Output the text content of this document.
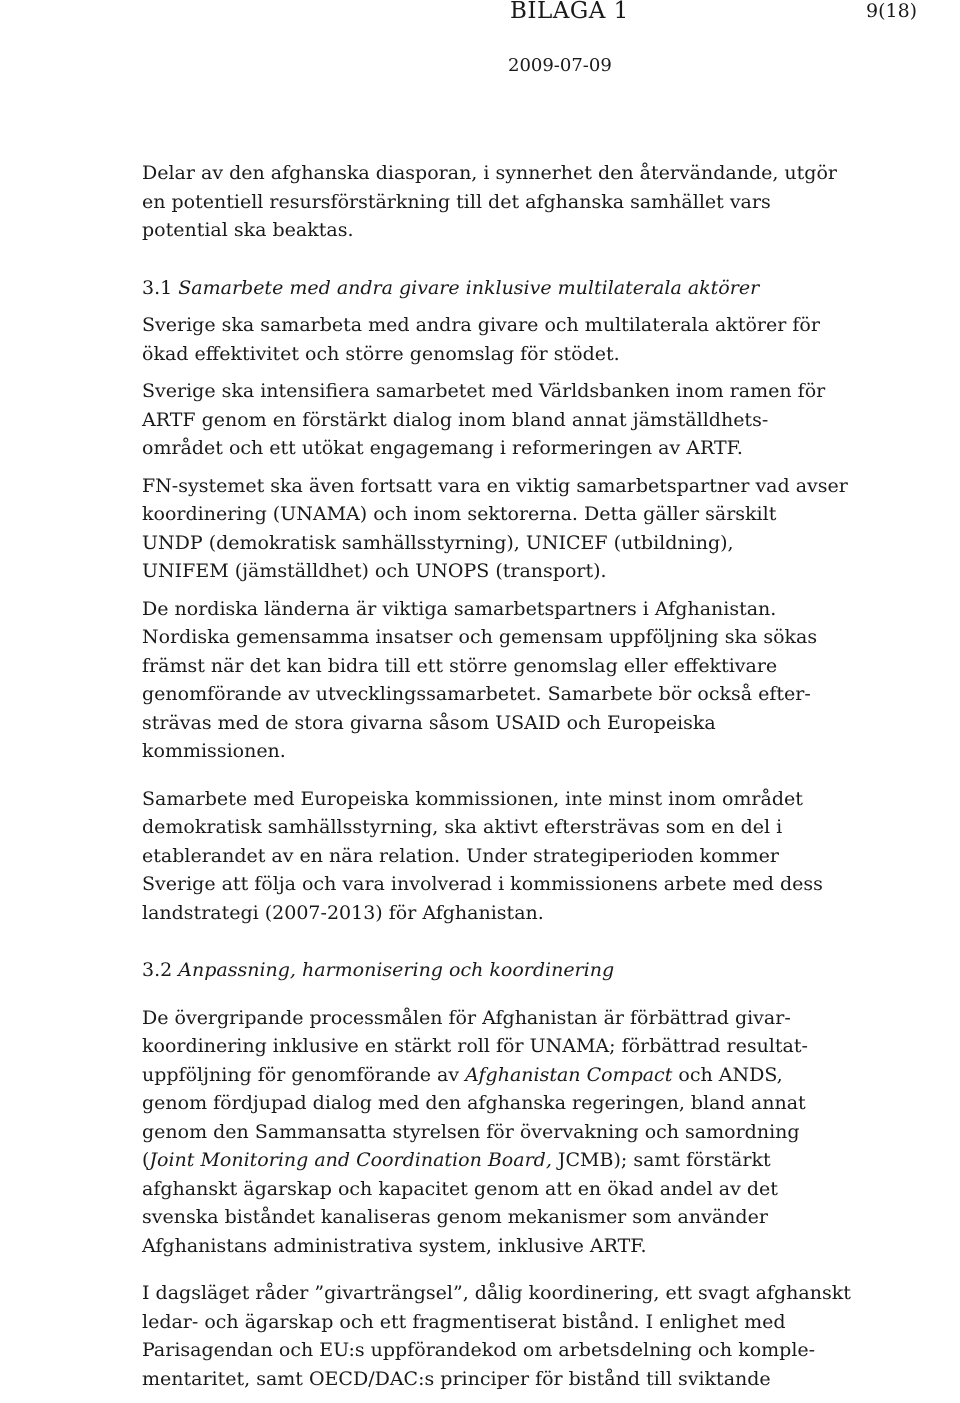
BILAGA 1	9(18)
2009-07-09

Delar av den afghanska diasporan, i synnerhet den återvändande, utgör
en potentiell resursförstärkning till det afghanska samhället vars
potential ska beaktas.

3.1 Samarbete med andra givare inklusive multilaterala aktörer

Sverige ska samarbeta med andra givare och multilaterala aktörer för
ökad effektivitet och större genomslag för stödet.

Sverige ska intensifiera samarbetet med Världsbanken inom ramen för
ARTF genom en förstärkt dialog inom bland annat jämställdhets-
området och ett utökat engagemang i reformeringen av ARTF.

FN-systemet ska även fortsatt vara en viktig samarbetspartner vad avser
koordinering (UNAMA) och inom sektorerna. Detta gäller särskilt
UNDP (demokratisk samhällsstyrning), UNICEF (utbildning),
UNIFEM (jämställdhet) och UNOPS (transport).

De nordiska länderna är viktiga samarbetspartners i Afghanistan.
Nordiska gemensamma insatser och gemensam uppföljning ska sökas
främst när det kan bidra till ett större genomslag eller effektivare
genomförande av utvecklingssamarbetet. Samarbete bör också efter-
strävas med de stora givarna såsom USAID och Europeiska
kommissionen.

Samarbete med Europeiska kommissionen, inte minst inom området
demokratisk samhällsstyrning, ska aktivt eftersträvas som en del i
etablerandet av en nära relation. Under strategiperioden kommer
Sverige att följa och vara involverad i kommissionens arbete med dess
landstrategi (2007-2013) för Afghanistan.

3.2 Anpassning, harmonisering och koordinering

De övergripande processmålen för Afghanistan är förbättrad givar-
koordinering inklusive en stärkt roll för UNAMA; förbättrad resultat-
uppföljning för genomförande av Afghanistan Compact och ANDS,
genom fördjupad dialog med den afghanska regeringen, bland annat
genom den Sammansatta styrelsen för övervakning och samordning
(Joint Monitoring and Coordination Board, JCMB); samt förstärkt
afghanskt ägarskap och kapacitet genom att en ökad andel av det
svenska biståndet kanaliseras genom mekanismer som använder
Afghanistans administrativa system, inklusive ARTF.

I dagsläget råder ”givarträngsel”, dålig koordinering, ett svagt afghanskt
ledar- och ägarskap och ett fragmentiserat bistånd. I enlighet med
Parisagendan och EU:s uppförandekod om arbetsdelning och komple-
mentaritet, samt OECD/DAC:s principer för bistånd till sviktande
